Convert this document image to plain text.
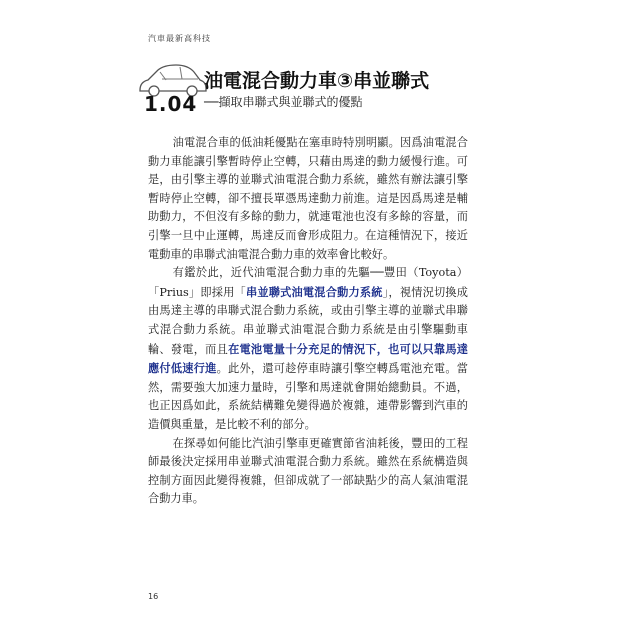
汽車最新高科技
1.04
油電混合動力車③串並聯式
──擷取串聯式與並聯式的優點

油電混合車的低油耗優點在塞車時特別明顯。因爲油電混合動力車能讓引擎暫時停止空轉，只藉由馬達的動力緩慢行進。可是，由引擎主導的並聯式油電混合動力系統，雖然有辦法讓引擎暫時停止空轉，卻不擅長單憑馬達動力前進。這是因爲馬達是輔助動力，不但沒有多餘的動力，就連電池也沒有多餘的容量，而引擎一旦中止運轉，馬達反而會形成阻力。在這種情況下，接近電動車的串聯式油電混合動力車的效率會比較好。

有鑑於此，近代油電混合動力車的先驅──豐田（Toyota）「Prius」即採用「串並聯式油電混合動力系統」，視情況切換成由馬達主導的串聯式混合動力系統，或由引擎主導的並聯式串聯式混合動力系統。串並聯式油電混合動力系統是由引擎驅動車輪、發電，而且在電池電量十分充足的情況下，也可以只靠馬達應付低速行進。此外，還可趁停車時讓引擎空轉爲電池充電。當然，需要強大加速力量時，引擎和馬達就會開始總動員。不過，也正因爲如此，系統結構難免變得過於複雜，連帶影響到汽車的造價與重量，是比較不利的部分。

在探尋如何能比汽油引擎車更確實節省油耗後，豐田的工程師最後決定採用串並聯式油電混合動力系統。雖然在系統構造與控制方面因此變得複雜，但卻成就了一部缺點少的高人氣油電混合動力車。

16
